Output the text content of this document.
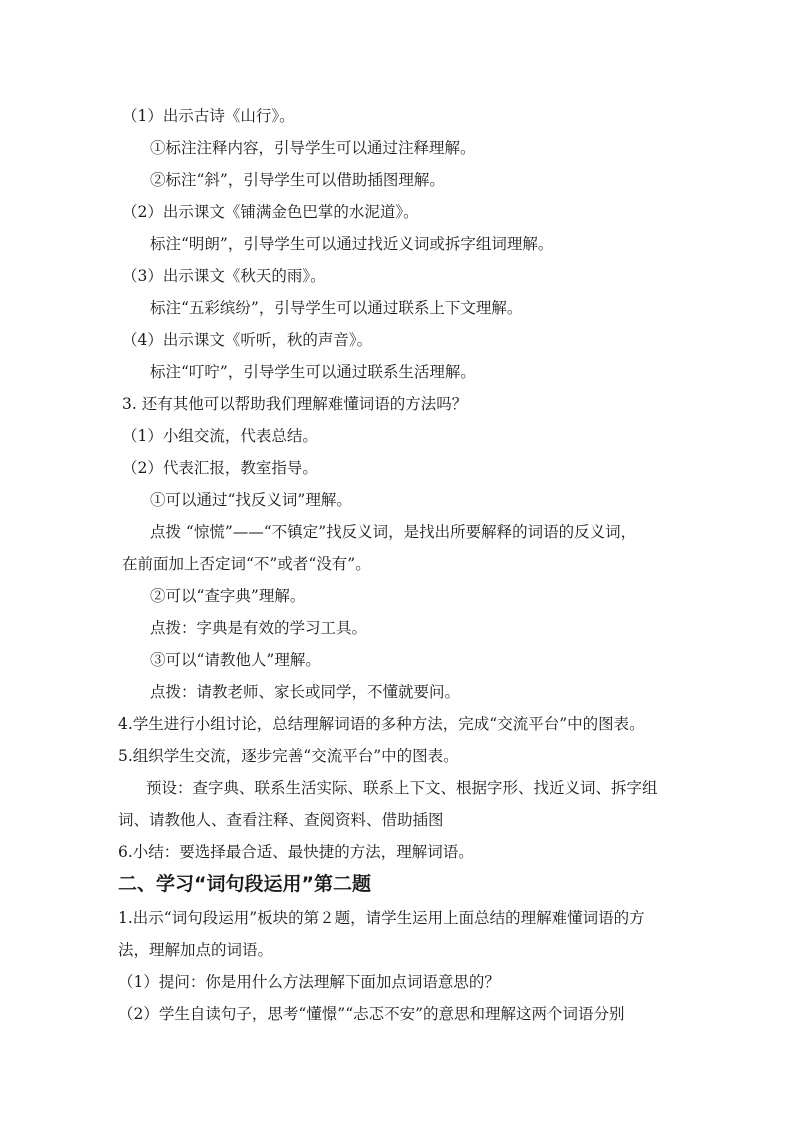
（1）出示古诗《山行》。
①标注注释内容，引导学生可以通过注释理解。
②标注“斜”，引导学生可以借助插图理解。
（2）出示课文《铺满金色巴掌的水泥道》。
标注“明朗”，引导学生可以通过找近义词或拆字组词理解。
（3）出示课文《秋天的雨》。
标注“五彩缤纷”，引导学生可以通过联系上下文理解。
（4）出示课文《听听，秋的声音》。
标注“叮咛”，引导学生可以通过联系生活理解。
3. 还有其他可以帮助我们理解难懂词语的方法吗？
（1）小组交流，代表总结。
（2）代表汇报，教室指导。
①可以通过“找反义词”理解。
点拨 “惊慌”——“不镇定”找反义词，是找出所要解释的词语的反义词，
在前面加上否定词“不”或者“没有”。
②可以“查字典”理解。
点拨：字典是有效的学习工具。
③可以“请教他人”理解。
点拨：请教老师、家长或同学，不懂就要问。
4.学生进行小组讨论，总结理解词语的多种方法，完成“交流平台”中的图表。
5.组织学生交流，逐步完善“交流平台”中的图表。
预设：查字典、联系生活实际、联系上下文、根据字形、找近义词、拆字组
词、请教他人、查看注释、查阅资料、借助插图
6.小结：要选择最合适、最快捷的方法，理解词语。
二、学习“词句段运用”第二题
1.出示“词句段运用”板块的第２题，请学生运用上面总结的理解难懂词语的方
法，理解加点的词语。
（1）提问：你是用什么方法理解下面加点词语意思的？
（2）学生自读句子，思考“懂憬”“忐忑不安”的意思和理解这两个词语分别
